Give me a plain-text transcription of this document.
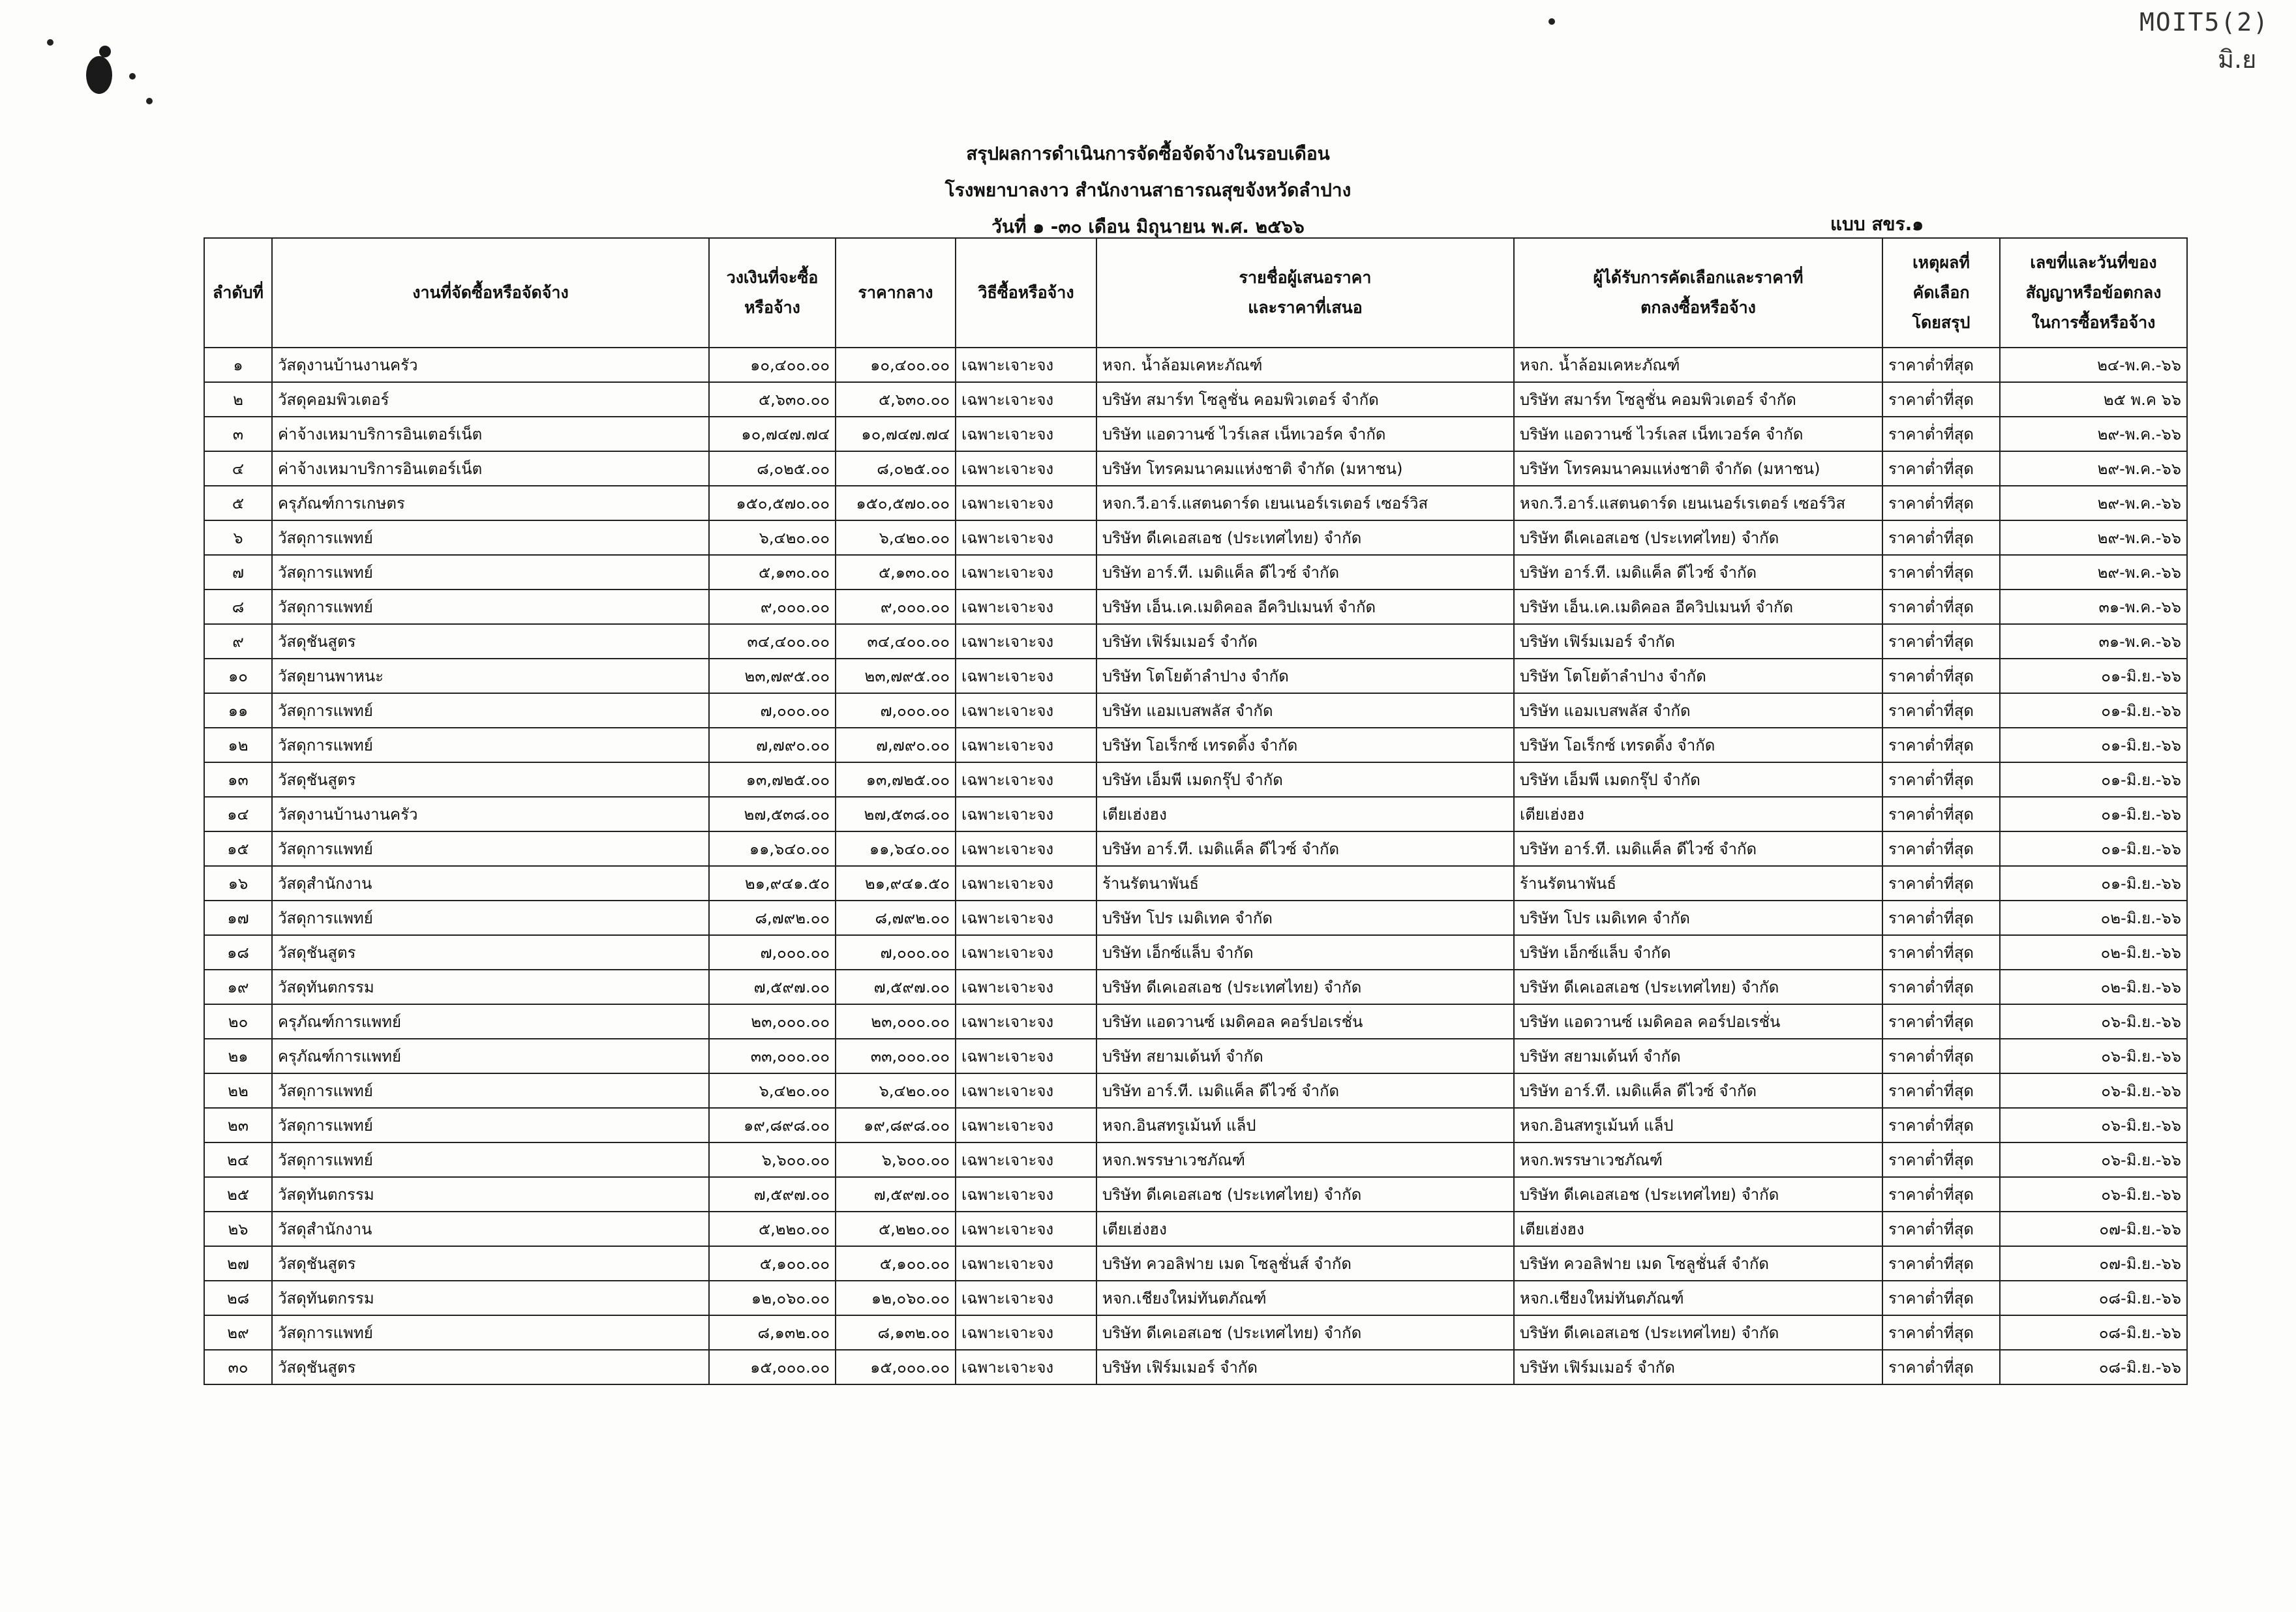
MOIT5(2)
มิ.ย
สรุปผลการดำเนินการจัดซื้อจัดจ้างในรอบเดือน
โรงพยาบาลงาว สำนักงานสาธารณสุขจังหวัดลำปาง
วันที่ ๑ -๓๐ เดือน มิถุนายน พ.ศ. ๒๕๖๖	แบบ สขร.๑
ลำดับที่	งานที่จัดซื้อหรือจัดจ้าง	วงเงินที่จะซื้อ
หรือจ้าง	ราคากลาง	วิธีซื้อหรือจ้าง	รายชื่อผู้เสนอราคา
และราคาที่เสนอ	ผู้ได้รับการคัดเลือกและราคาที่
ตกลงซื้อหรือจ้าง	เหตุผลที่
คัดเลือก
โดยสรุป	เลขที่และวันที่ของ
สัญญาหรือข้อตกลง
ในการซื้อหรือจ้าง

๑	วัสดุงานบ้านงานครัว	๑๐,๔๐๐.๐๐	๑๐,๔๐๐.๐๐	เฉพาะเจาะจง	หจก. น้ำล้อมเคหะภัณฑ์	หจก. น้ำล้อมเคหะภัณฑ์	ราคาต่ำที่สุด	๒๔-พ.ค.-๖๖
๒	วัสดุคอมพิวเตอร์	๕,๖๓๐.๐๐	๕,๖๓๐.๐๐	เฉพาะเจาะจง	บริษัท สมาร์ท โซลูชั่น คอมพิวเตอร์ จำกัด	บริษัท สมาร์ท โซลูชั่น คอมพิวเตอร์ จำกัด	ราคาต่ำที่สุด	๒๕ พ.ค ๖๖
๓	ค่าจ้างเหมาบริการอินเตอร์เน็ต	๑๐,๗๔๗.๗๔	๑๐,๗๔๗.๗๔	เฉพาะเจาะจง	บริษัท แอดวานซ์ ไวร์เลส เน็ทเวอร์ค จำกัด	บริษัท แอดวานซ์ ไวร์เลส เน็ทเวอร์ค จำกัด	ราคาต่ำที่สุด	๒๙-พ.ค.-๖๖
๔	ค่าจ้างเหมาบริการอินเตอร์เน็ต	๘,๐๒๕.๐๐	๘,๐๒๕.๐๐	เฉพาะเจาะจง	บริษัท โทรคมนาคมแห่งชาติ จำกัด (มหาชน)	บริษัท โทรคมนาคมแห่งชาติ จำกัด (มหาชน)	ราคาต่ำที่สุด	๒๙-พ.ค.-๖๖
๕	ครุภัณฑ์การเกษตร	๑๕๐,๕๗๐.๐๐	๑๕๐,๕๗๐.๐๐	เฉพาะเจาะจง	หจก.วี.อาร์.แสตนดาร์ด เยนเนอร์เรเตอร์ เซอร์วิส	หจก.วี.อาร์.แสตนดาร์ด เยนเนอร์เรเตอร์ เซอร์วิส	ราคาต่ำที่สุด	๒๙-พ.ค.-๖๖
๖	วัสดุการแพทย์	๖,๔๒๐.๐๐	๖,๔๒๐.๐๐	เฉพาะเจาะจง	บริษัท ดีเคเอสเอช (ประเทศไทย) จำกัด	บริษัท ดีเคเอสเอช (ประเทศไทย) จำกัด	ราคาต่ำที่สุด	๒๙-พ.ค.-๖๖
๗	วัสดุการแพทย์	๕,๑๓๐.๐๐	๕,๑๓๐.๐๐	เฉพาะเจาะจง	บริษัท อาร์.ที. เมดิแค็ล ดีไวซ์ จำกัด	บริษัท อาร์.ที. เมดิแค็ล ดีไวซ์ จำกัด	ราคาต่ำที่สุด	๒๙-พ.ค.-๖๖
๘	วัสดุการแพทย์	๙,๐๐๐.๐๐	๙,๐๐๐.๐๐	เฉพาะเจาะจง	บริษัท เอ็น.เค.เมดิคอล อีควิปเมนท์ จำกัด	บริษัท เอ็น.เค.เมดิคอล อีควิปเมนท์ จำกัด	ราคาต่ำที่สุด	๓๑-พ.ค.-๖๖
๙	วัสดุชันสูตร	๓๔,๔๐๐.๐๐	๓๔,๔๐๐.๐๐	เฉพาะเจาะจง	บริษัท เฟิร์มเมอร์ จำกัด	บริษัท เฟิร์มเมอร์ จำกัด	ราคาต่ำที่สุด	๓๑-พ.ค.-๖๖
๑๐	วัสดุยานพาหนะ	๒๓,๗๙๕.๐๐	๒๓,๗๙๕.๐๐	เฉพาะเจาะจง	บริษัท โตโยต้าลำปาง จำกัด	บริษัท โตโยต้าลำปาง จำกัด	ราคาต่ำที่สุด	๐๑-มิ.ย.-๖๖
๑๑	วัสดุการแพทย์	๗,๐๐๐.๐๐	๗,๐๐๐.๐๐	เฉพาะเจาะจง	บริษัท แอมเบสพลัส จำกัด	บริษัท แอมเบสพลัส จำกัด	ราคาต่ำที่สุด	๐๑-มิ.ย.-๖๖
๑๒	วัสดุการแพทย์	๗,๗๙๐.๐๐	๗,๗๙๐.๐๐	เฉพาะเจาะจง	บริษัท โอเร็กซ์ เทรดดิ้ง จำกัด	บริษัท โอเร็กซ์ เทรดดิ้ง จำกัด	ราคาต่ำที่สุด	๐๑-มิ.ย.-๖๖
๑๓	วัสดุชันสูตร	๑๓,๗๒๕.๐๐	๑๓,๗๒๕.๐๐	เฉพาะเจาะจง	บริษัท เอ็มพี เมดกรุ๊ป จำกัด	บริษัท เอ็มพี เมดกรุ๊ป จำกัด	ราคาต่ำที่สุด	๐๑-มิ.ย.-๖๖
๑๔	วัสดุงานบ้านงานครัว	๒๗,๕๓๘.๐๐	๒๗,๕๓๘.๐๐	เฉพาะเจาะจง	เตียเฮ่งฮง	เตียเฮ่งฮง	ราคาต่ำที่สุด	๐๑-มิ.ย.-๖๖
๑๕	วัสดุการแพทย์	๑๑,๖๔๐.๐๐	๑๑,๖๔๐.๐๐	เฉพาะเจาะจง	บริษัท อาร์.ที. เมดิแค็ล ดีไวซ์ จำกัด	บริษัท อาร์.ที. เมดิแค็ล ดีไวซ์ จำกัด	ราคาต่ำที่สุด	๐๑-มิ.ย.-๖๖
๑๖	วัสดุสำนักงาน	๒๑,๙๔๑.๕๐	๒๑,๙๔๑.๕๐	เฉพาะเจาะจง	ร้านรัตนาพันธ์	ร้านรัตนาพันธ์	ราคาต่ำที่สุด	๐๑-มิ.ย.-๖๖
๑๗	วัสดุการแพทย์	๘,๗๙๒.๐๐	๘,๗๙๒.๐๐	เฉพาะเจาะจง	บริษัท โปร เมดิเทค จำกัด	บริษัท โปร เมดิเทค จำกัด	ราคาต่ำที่สุด	๐๒-มิ.ย.-๖๖
๑๘	วัสดุชันสูตร	๗,๐๐๐.๐๐	๗,๐๐๐.๐๐	เฉพาะเจาะจง	บริษัท เอ็กซ์แล็บ จำกัด	บริษัท เอ็กซ์แล็บ จำกัด	ราคาต่ำที่สุด	๐๒-มิ.ย.-๖๖
๑๙	วัสดุทันตกรรม	๗,๕๙๗.๐๐	๗,๕๙๗.๐๐	เฉพาะเจาะจง	บริษัท ดีเคเอสเอช (ประเทศไทย) จำกัด	บริษัท ดีเคเอสเอช (ประเทศไทย) จำกัด	ราคาต่ำที่สุด	๐๒-มิ.ย.-๖๖
๒๐	ครุภัณฑ์การแพทย์	๒๓,๐๐๐.๐๐	๒๓,๐๐๐.๐๐	เฉพาะเจาะจง	บริษัท แอดวานซ์ เมดิคอล คอร์ปอเรชั่น	บริษัท แอดวานซ์ เมดิคอล คอร์ปอเรชั่น	ราคาต่ำที่สุด	๐๖-มิ.ย.-๖๖
๒๑	ครุภัณฑ์การแพทย์	๓๓,๐๐๐.๐๐	๓๓,๐๐๐.๐๐	เฉพาะเจาะจง	บริษัท สยามเด้นท์ จำกัด	บริษัท สยามเด้นท์ จำกัด	ราคาต่ำที่สุด	๐๖-มิ.ย.-๖๖
๒๒	วัสดุการแพทย์	๖,๔๒๐.๐๐	๖,๔๒๐.๐๐	เฉพาะเจาะจง	บริษัท อาร์.ที. เมดิแค็ล ดีไวซ์ จำกัด	บริษัท อาร์.ที. เมดิแค็ล ดีไวซ์ จำกัด	ราคาต่ำที่สุด	๐๖-มิ.ย.-๖๖
๒๓	วัสดุการแพทย์	๑๙,๘๙๘.๐๐	๑๙,๘๙๘.๐๐	เฉพาะเจาะจง	หจก.อินสทรูเม้นท์ แล็ป	หจก.อินสทรูเม้นท์ แล็ป	ราคาต่ำที่สุด	๐๖-มิ.ย.-๖๖
๒๔	วัสดุการแพทย์	๖,๖๐๐.๐๐	๖,๖๐๐.๐๐	เฉพาะเจาะจง	หจก.พรรษาเวชภัณฑ์	หจก.พรรษาเวชภัณฑ์	ราคาต่ำที่สุด	๐๖-มิ.ย.-๖๖
๒๕	วัสดุทันตกรรม	๗,๕๙๗.๐๐	๗,๕๙๗.๐๐	เฉพาะเจาะจง	บริษัท ดีเคเอสเอช (ประเทศไทย) จำกัด	บริษัท ดีเคเอสเอช (ประเทศไทย) จำกัด	ราคาต่ำที่สุด	๐๖-มิ.ย.-๖๖
๒๖	วัสดุสำนักงาน	๕,๒๒๐.๐๐	๕,๒๒๐.๐๐	เฉพาะเจาะจง	เตียเฮ่งฮง	เตียเฮ่งฮง	ราคาต่ำที่สุด	๐๗-มิ.ย.-๖๖
๒๗	วัสดุชันสูตร	๕,๑๐๐.๐๐	๕,๑๐๐.๐๐	เฉพาะเจาะจง	บริษัท ควอลิฟาย เมด โซลูชั่นส์ จำกัด	บริษัท ควอลิฟาย เมด โซลูชั่นส์ จำกัด	ราคาต่ำที่สุด	๐๗-มิ.ย.-๖๖
๒๘	วัสดุทันตกรรม	๑๒,๐๖๐.๐๐	๑๒,๐๖๐.๐๐	เฉพาะเจาะจง	หจก.เชียงใหม่ทันตภัณฑ์	หจก.เชียงใหม่ทันตภัณฑ์	ราคาต่ำที่สุด	๐๘-มิ.ย.-๖๖
๒๙	วัสดุการแพทย์	๘,๑๓๒.๐๐	๘,๑๓๒.๐๐	เฉพาะเจาะจง	บริษัท ดีเคเอสเอช (ประเทศไทย) จำกัด	บริษัท ดีเคเอสเอช (ประเทศไทย) จำกัด	ราคาต่ำที่สุด	๐๘-มิ.ย.-๖๖
๓๐	วัสดุชันสูตร	๑๕,๐๐๐.๐๐	๑๕,๐๐๐.๐๐	เฉพาะเจาะจง	บริษัท เฟิร์มเมอร์ จำกัด	บริษัท เฟิร์มเมอร์ จำกัด	ราคาต่ำที่สุด	๐๘-มิ.ย.-๖๖
